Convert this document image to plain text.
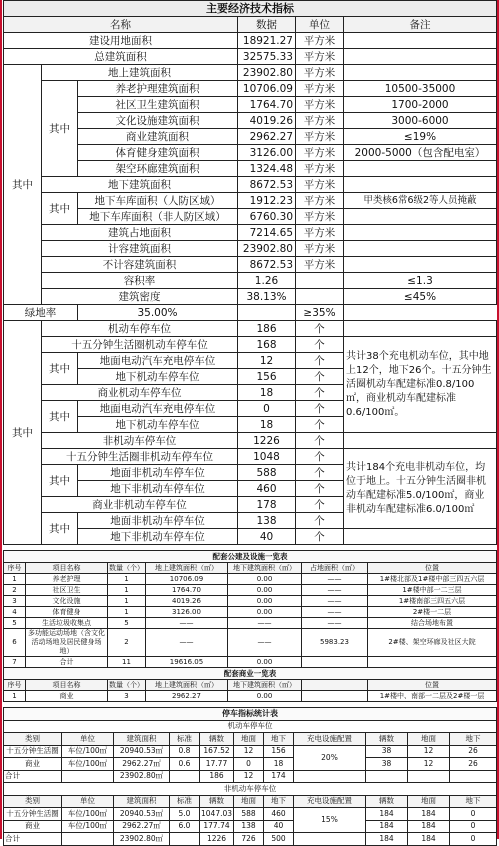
主要经济技术指标					
名称			数据	单位	备注
建设用地面积			18921.27	平方米	
总建筑面积			32575.33	平方米	
其中	地上建筑面积		23902.80	平方米	
	其中	养老护理建筑面积	10706.09	平方米	10500-35000
		社区卫生建筑面积	1764.70	平方米	1700-2000
		文化设施建筑面积	4019.26	平方米	3000-6000
		商业建筑面积	2962.27	平方米	≤19%
		体育健身建筑面积	3126.00	平方米	2000-5000（包含配电室）
		架空环廊建筑面积	1324.48	平方米	
	地下建筑面积		8672.53	平方米	
	其中	地下车库面积（人防区域）	1912.23	平方米	甲类核6常6级2等人员掩蔽
		地下车库面积（非人防区域）	6760.30	平方米	
	建筑占地面积		7214.65	平方米	
	计容建筑面积		23902.80	平方米	
	不计容建筑面积		8672.53	平方米	
	容积率		1.26		≤1.3
	建筑密度		38.13%		≤45%
绿地率		35.00%		≥35%	
其中	机动车停车位		186	个	
	十五分钟生活圈机动车停车位		168	个	共计38个充电机动车位，其中地上12个，地下26个。十五分钟生活圈机动车配建标准0.8/100㎡，商业机动车配建标准0.6/100㎡。
	其中	地面电动汽车充电停车位	12	个	
		地下机动车停车位	156	个	
	商业机动车停车位		18	个	
	其中	地面电动汽车充电停车位	0	个	
		地下机动车停车位	18	个	
	非机动车停车位		1226	个	
	十五分钟生活圈非机动车停车位		1048	个	共计184个充电非机动车位，均位于地上。十五分钟生活圈非机动车配建标准5.0/100㎡，商业非机动车配建标准6.0/100㎡
	其中	地面非机动车停车位	588	个	
		地下非机动车停车位	460	个	
	商业非机动车停车位		178	个	
	其中	地面非机动车停车位	138	个	
		地下非机动车停车位	40	个	
配套公建及设施一览表						
序号	项目名称	数量（个）	地上建筑面积（㎡）	地下建筑面积（㎡）	占地面积（㎡）	位置
1	养老护理	1	10706.09	0.00	——	1#楼北部及1#楼中部三四五六层
2	社区卫生	1	1764.70	0.00	——	1#楼中部一二三层
3	文化设施	1	4019.26	0.00	——	1#楼南部三四五六层
4	体育健身	1	3126.00	0.00	——	2#楼一二层
5	生活垃圾收集点	5	——	——	——	结合场地布置
6	多功能运动场地（含文化活动场地及居民健身场地）	2	——	——	5983.23	2#楼、架空环廊及社区大院
7	合计	11	19616.05	0.00		
配套商业一览表						
序号	项目名称	数量（个）	地上建筑面积（㎡）	地下建筑面积（㎡）		位置
1	商业	3	2962.27	0.00		1#楼中、南部一二层及2#楼一层
停车指标统计表										
机动车停车位										
类别	单位	建筑面积	标准	辆数	地面	地下	充电设施配置	辆数	地面	地下
十五分钟生活圈	车位/100㎡	20940.53㎡	0.8	167.52	12	156	20%	38	12	26
商业	车位/100㎡	2962.27㎡	0.6	17.77	0	18		38	12	26
合计		23902.80㎡		186	12	174				
非机动车停车位										
类别	单位	建筑面积	标准	辆数	地面	地下	充电设施配置	辆数	地面	地下
十五分钟生活圈	车位/100㎡	20940.53㎡	5.0	1047.03	588	460	15%	184	184	0
商业	车位/100㎡	2962.27㎡	6.0	177.74	138	40		184	184	0
合计		23902.80㎡		1226	726	500		184	184	0
